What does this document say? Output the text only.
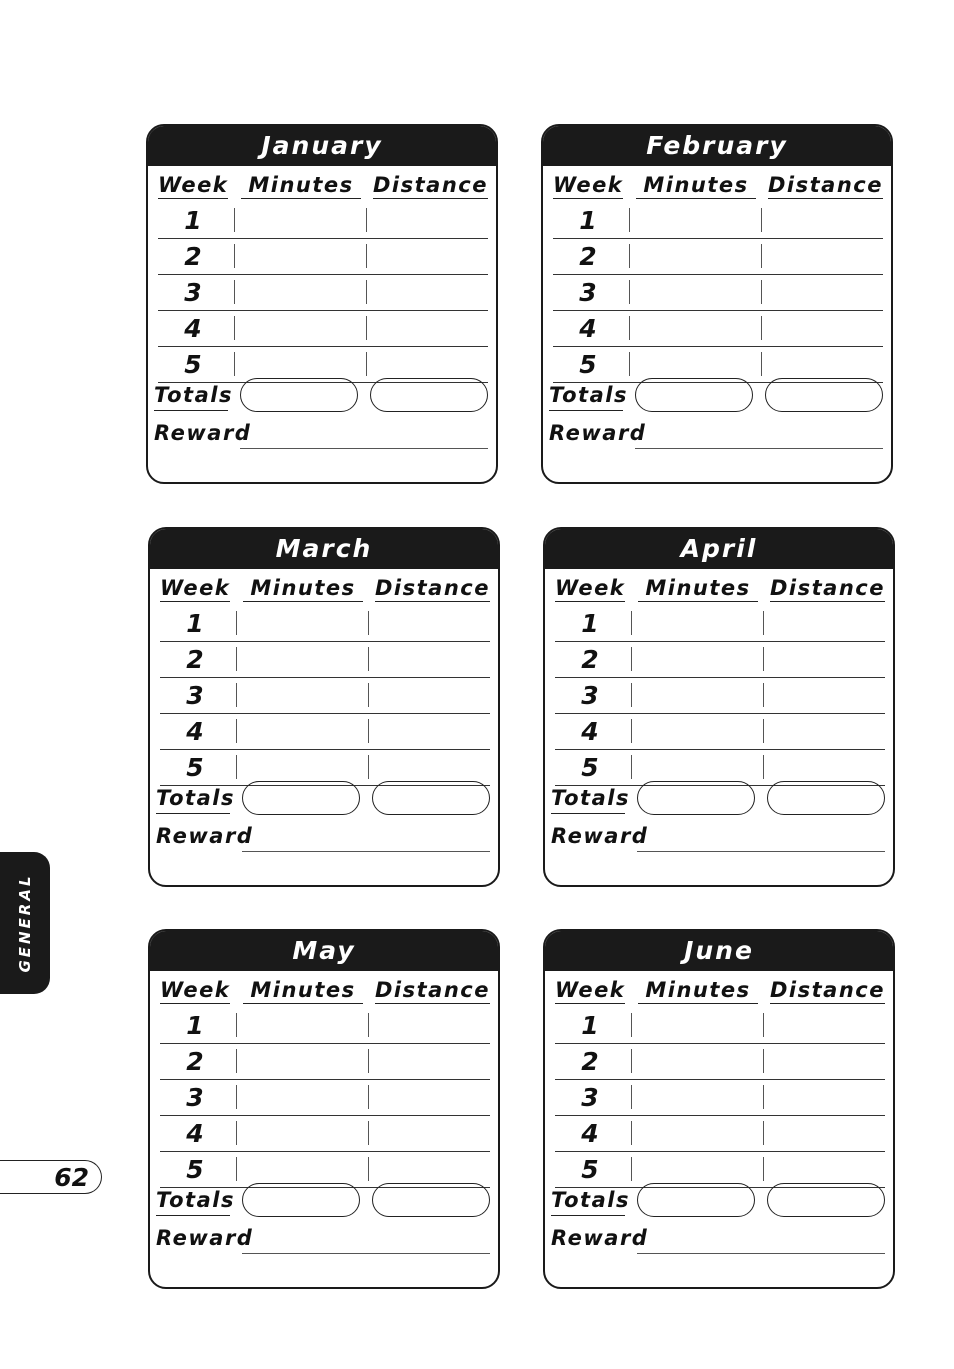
January
Week Minutes Distance
1
2
3
4
5
Totals
Reward
February
Week Minutes Distance
1
2
3
4
5
Totals
Reward
March
Week Minutes Distance
1
2
3
4
5
Totals
Reward
April
Week Minutes Distance
1
2
3
4
5
Totals
Reward
May
Week Minutes Distance
1
2
3
4
5
Totals
Reward
June
Week Minutes Distance
1
2
3
4
5
Totals
Reward
GENERAL
62
